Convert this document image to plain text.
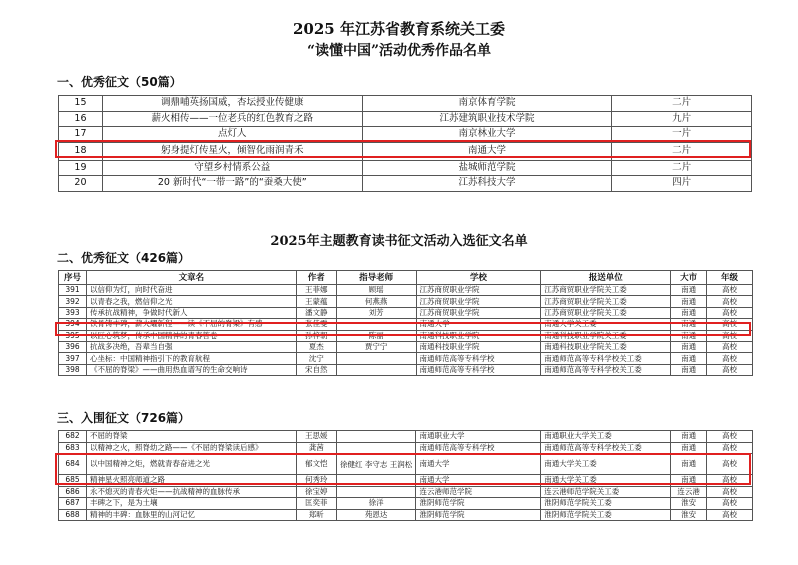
2025 年江苏省教育系统关工委
“读懂中国”活动优秀作品名单
一、优秀征文（50篇）
15	调鼎哺英扬国威，杏坛授业传健康	南京体育学院	二片
16	薪火相传——一位老兵的红色教育之路	江苏建筑职业技术学院	九片
17	点灯人	南京林业大学	一片
18	躬身提灯传星火，倾智化雨润青禾	南通大学	二片
19	守望乡村情系公益	盐城师范学院	二片
20	20 新时代“一带一路”的“蚕桑大使”	江苏科技大学	四片
2025年主题教育读书征文活动入选征文名单
二、优秀征文（426篇）
序号	文章名	作者	指导老师	学校	报送单位	大市	年级
391	以信仰为灯，向时代奋进	王菲娜	顾瑶	江苏商贸职业学院	江苏商贸职业学院关工委	南通	高校
392	以青春之我，燃信仰之光	王蒙蕴	何燕燕	江苏商贸职业学院	江苏商贸职业学院关工委	南通	高校
393	传承抗战精神，争做时代新人	潘文静	刘芳	江苏商贸职业学院	江苏商贸职业学院关工委	南通	高校
394	铁骨铸丰碑，薪火耀新程——读《不屈的脊梁》有感	张佳雯		南通大学	南通大学关工委	南通	高校
395	以匠心筑梦，传承中国精神的青春答卷	孙梓朝	陈丽	南通科技职业学院	南通科技职业学院关工委	南通	高校
396	抗战多决绝，吾辈当自强	夏杰	贾宁宁	南通科技职业学院	南通科技职业学院关工委	南通	高校
397	心坐标：中国精神指引下的教育航程	沈宁		南通师范高等专科学校	南通师范高等专科学校关工委	南通	高校
398	《不屈的脊梁》——曲用热血谱写的生命交响诗	宋自然		南通师范高等专科学校	南通师范高等专科学校关工委	南通	高校
三、入围征文（726篇）
682	不屈的脊梁	王思媛		南通职业大学	南通职业大学关工委	南通	高校
683	以精神之火，照脊幼之路——《不屈的脊梁读后感》	龚茜		南通师范高等专科学校	南通师范高等专科学校关工委	南通	高校
684	以中国精神之炬，燃就青春奋进之光	郁文恺	徐健红 李守志 王润松	南通大学	南通大学关工委	南通	高校
685	精神星火照亮师道之路	何秀玲		南通大学	南通大学关工委	南通	高校
686	永不熄灭的青春火炬——抗战精神的血脉传承	徐宝婷		连云港师范学院	连云港师范学院关工委	连云港	高校
687	丰碑之下，是为土壤	匡奕菲	徐洋	淮阴师范学院	淮阴师范学院关工委	淮安	高校
688	精神的丰碑：血脉里的山河记忆	郑昕	苑恩达	淮阴师范学院	淮阴师范学院关工委	淮安	高校
